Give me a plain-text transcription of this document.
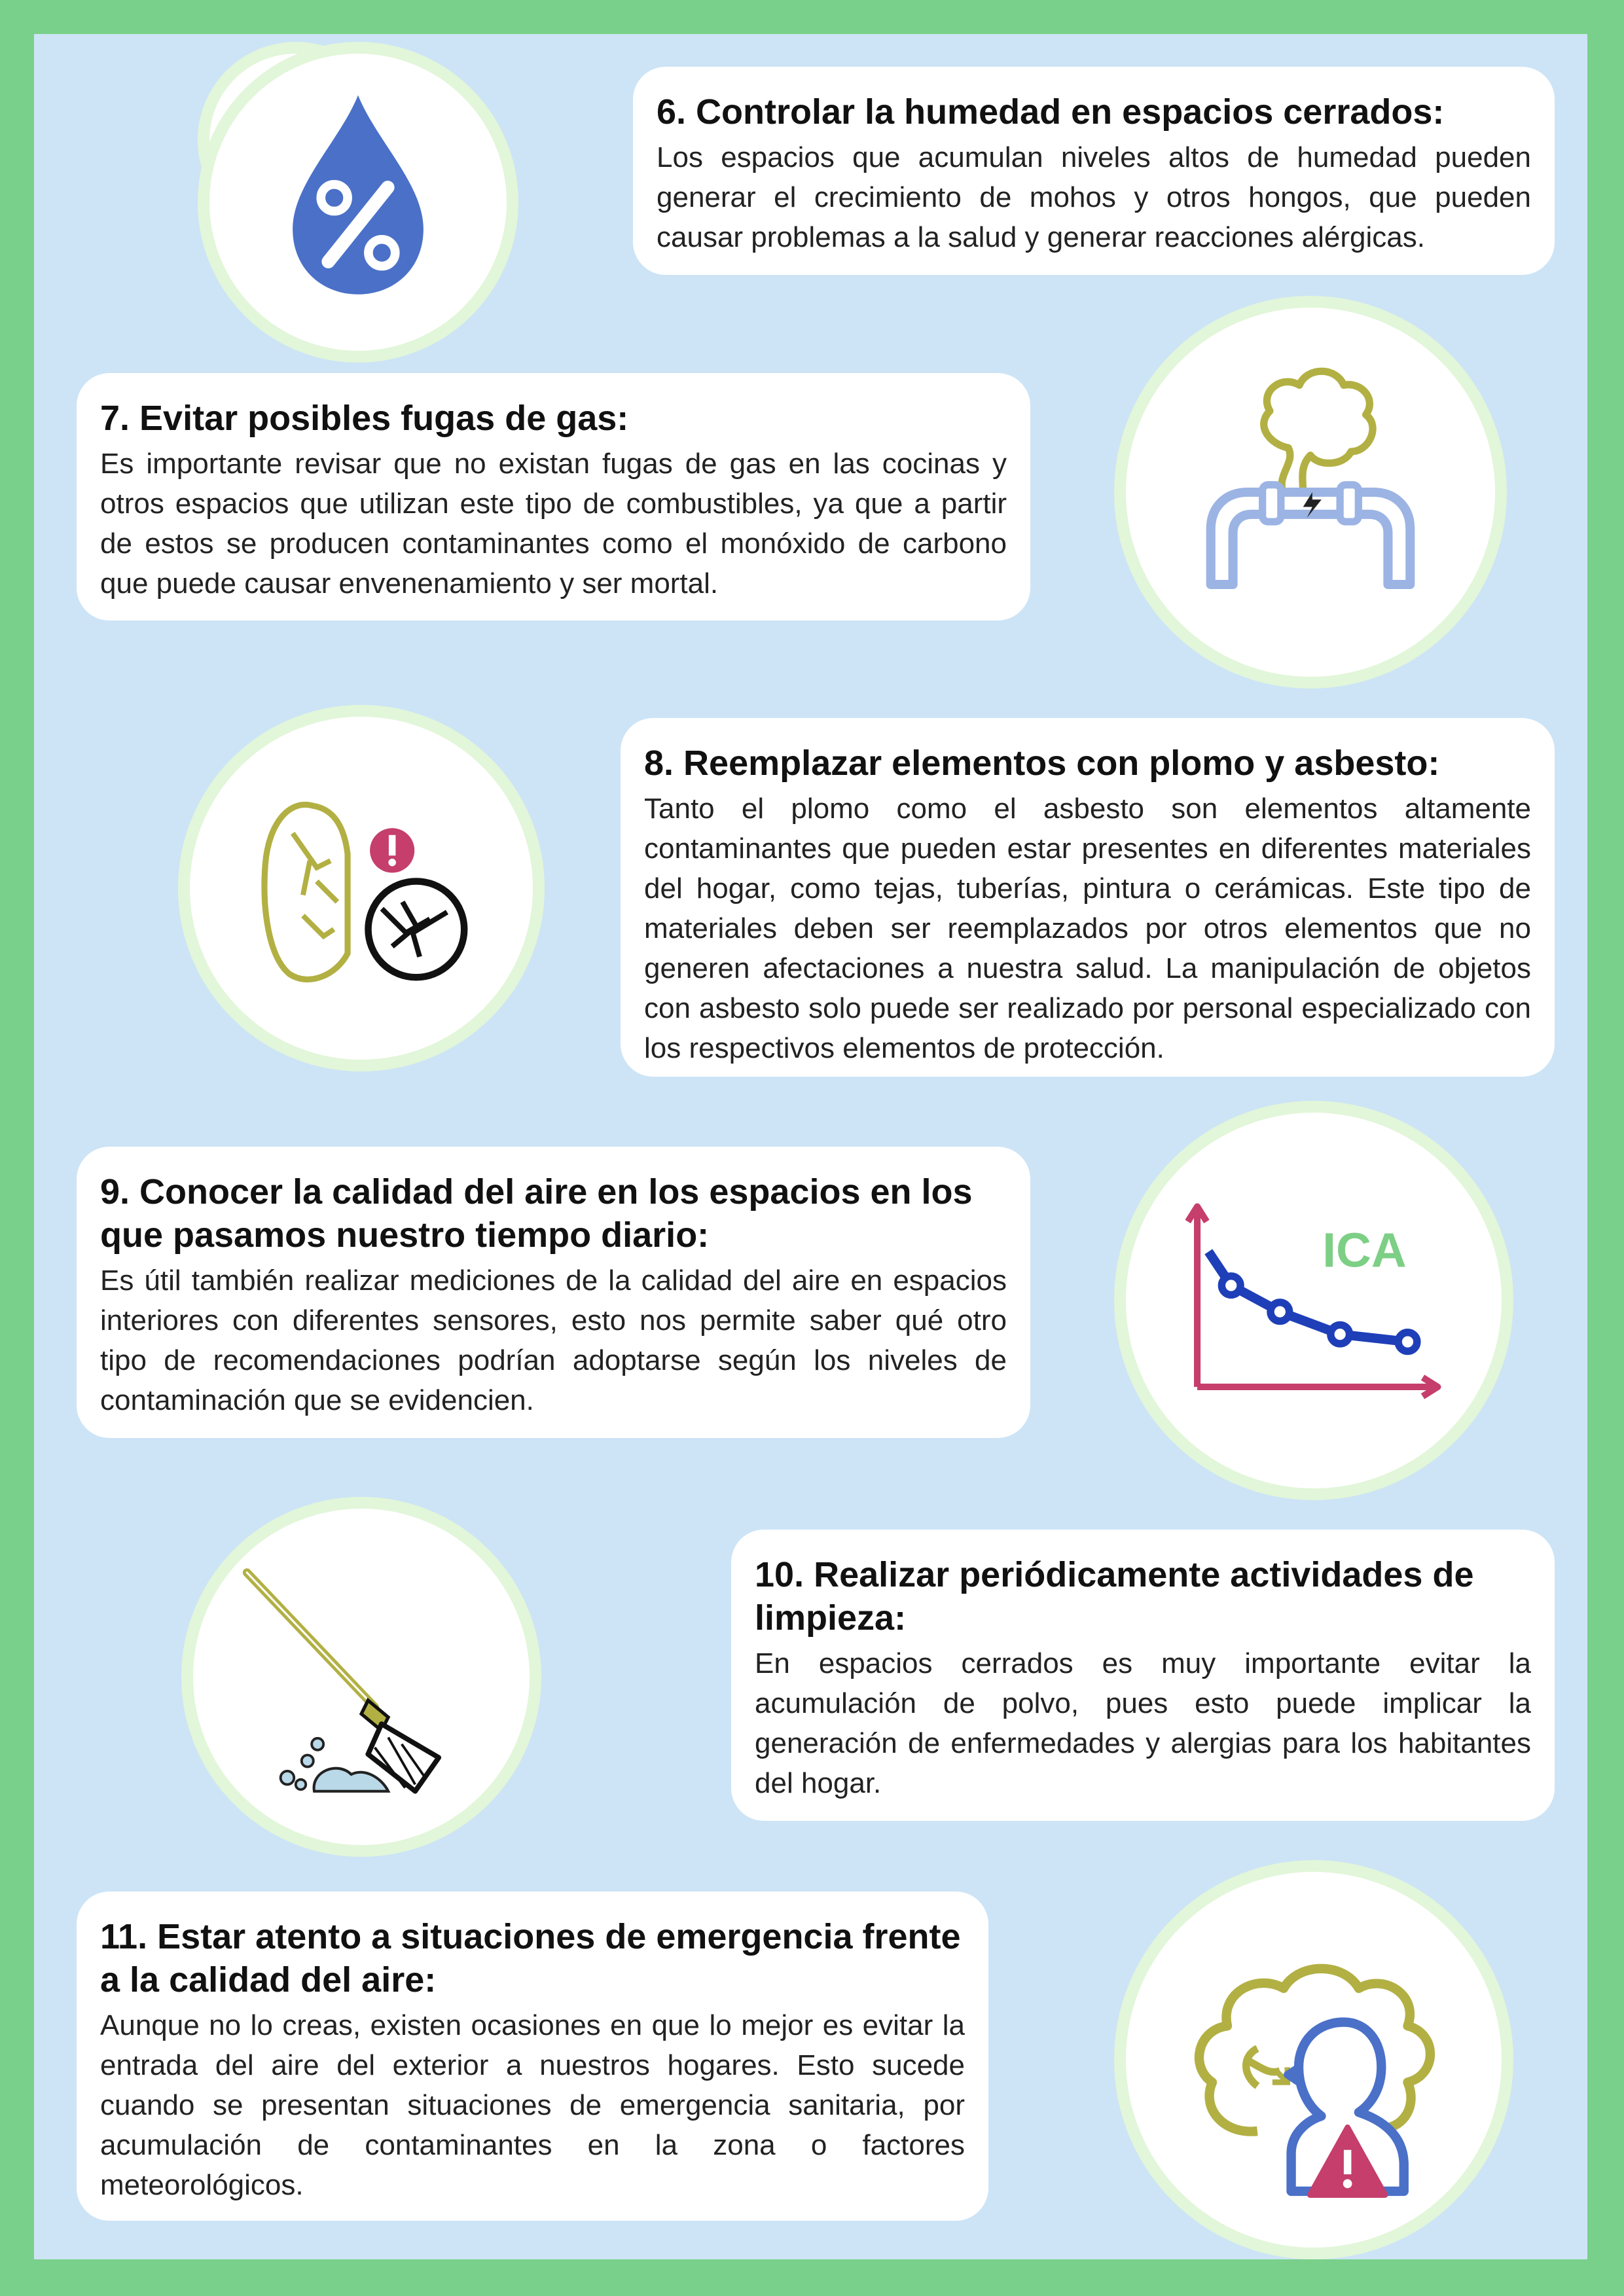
6. Controlar la humedad en espacios cerrados:

Los espacios que acumulan niveles altos de humedad pueden generar el crecimiento de mohos y otros hongos, que pueden causar problemas a la salud y generar reacciones alérgicas.

7. Evitar posibles fugas de gas:

Es importante revisar que no existan fugas de gas en las cocinas y otros espacios que utilizan este tipo de combustibles, ya que a partir de estos se producen contaminantes como el monóxido de carbono que puede causar envenenamiento y ser mortal.

8. Reemplazar elementos con plomo y asbesto:

Tanto el plomo como el asbesto son elementos altamente contaminantes que pueden estar presentes en diferentes materiales del hogar, como tejas, tuberías, pintura o cerámicas. Este tipo de materiales deben ser reemplazados por otros elementos que no generen afectaciones a nuestra salud. La manipulación de objetos con asbesto solo puede ser realizado por personal especializado con los respectivos elementos de protección.

9. Conocer la calidad del aire en los espacios en los que pasamos nuestro tiempo diario:

Es útil también realizar mediciones de la calidad del aire en espacios interiores con diferentes sensores, esto nos permite saber qué otro tipo de recomendaciones podrían adoptarse según los niveles de contaminación que se evidencien.

10. Realizar periódicamente actividades de limpieza:

En espacios cerrados es muy importante evitar la acumulación de polvo, pues esto puede implicar la generación de enfermedades y alergias para los habitantes del hogar.

11. Estar atento a situaciones de emergencia frente a la calidad del aire:

Aunque no lo creas, existen ocasiones en que lo mejor es evitar la entrada del aire del exterior a nuestros hogares. Esto sucede cuando se presentan situaciones de emergencia sanitaria, por acumulación de contaminantes en la zona o factores meteorológicos.

ICA
